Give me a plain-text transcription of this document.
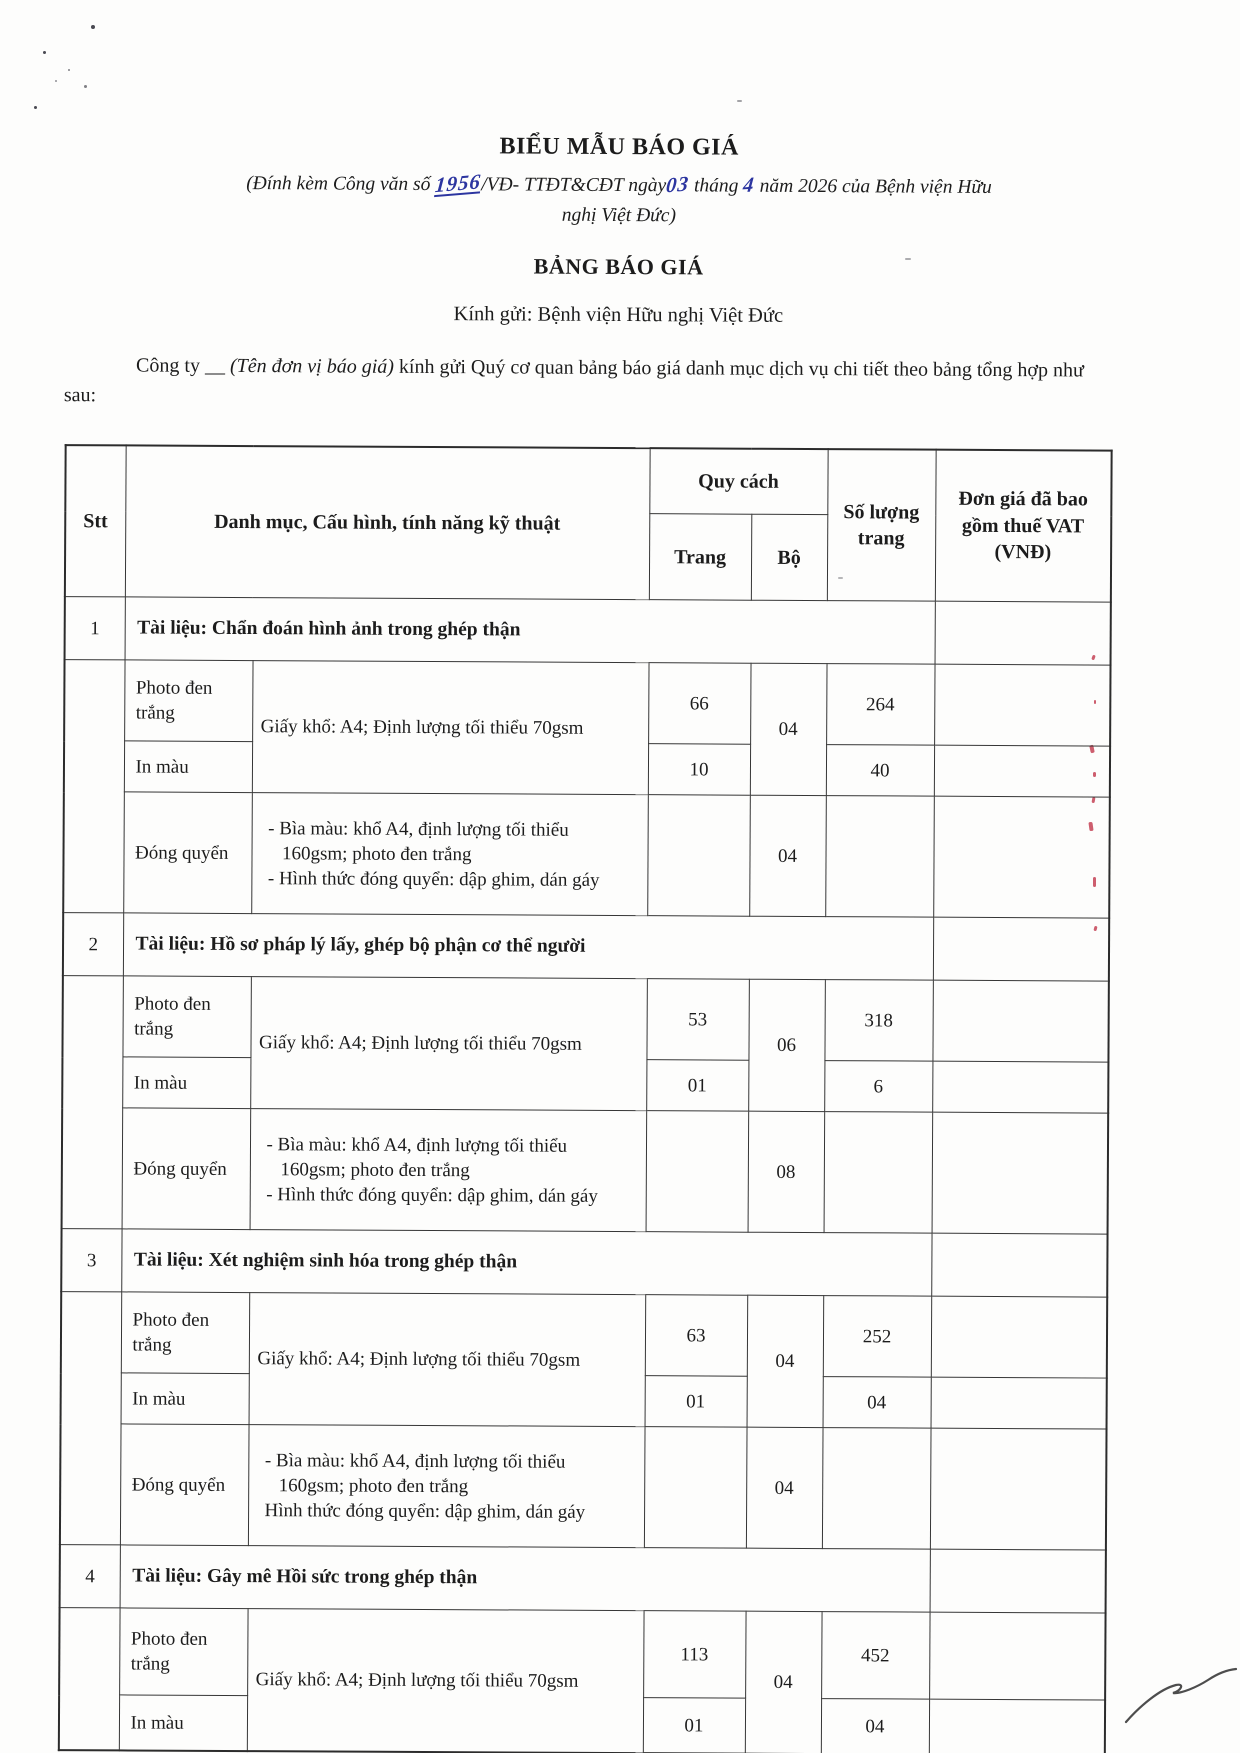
BIỂU MẪU BÁO GIÁ
(Đính kèm Công văn số 1956/VĐ- TTĐT&CĐT ngày03 tháng 4 năm 2026 của Bệnh viện Hữu
nghị Việt Đức)
BẢNG BÁO GIÁ
Kính gửi: Bệnh viện Hữu nghị Việt Đức
Công ty __ (Tên đơn vị báo giá) kính gửi Quý cơ quan bảng báo giá danh mục dịch vụ chi tiết theo bảng tổng hợp như sau:
Stt	Danh mục, Cấu hình, tính năng kỹ thuật		Quy cách		Số lượng trang	Đơn giá đã bao gồm thuế VAT (VNĐ)
			Trang	Bộ		
1	Tài liệu: Chẩn đoán hình ảnh trong ghép thận					
	Photo đen trắng	Giấy khổ: A4; Định lượng tối thiểu 70gsm	66	04	264	
	In màu		10		40	
	Đóng quyển	- Bìa màu: khổ A4, định lượng tối thiểu 160gsm; photo đen trắng
- Hình thức đóng quyển: dập ghim, dán gáy		04		
2	Tài liệu: Hồ sơ pháp lý lấy, ghép bộ phận cơ thể người					
	Photo đen trắng	Giấy khổ: A4; Định lượng tối thiểu 70gsm	53	06	318	
	In màu		01		6	
	Đóng quyển	- Bìa màu: khổ A4, định lượng tối thiểu 160gsm; photo đen trắng
- Hình thức đóng quyển: dập ghim, dán gáy		08		
3	Tài liệu: Xét nghiệm sinh hóa trong ghép thận					
	Photo đen trắng	Giấy khổ: A4; Định lượng tối thiểu 70gsm	63	04	252	
	In màu		01		04	
	Đóng quyển	- Bìa màu: khổ A4, định lượng tối thiểu 160gsm; photo đen trắng
Hình thức đóng quyển: dập ghim, dán gáy		04		
4	Tài liệu: Gây mê Hồi sức trong ghép thận					
	Photo đen trắng	Giấy khổ: A4; Định lượng tối thiểu 70gsm	113	04	452	
	In màu		01		04	
